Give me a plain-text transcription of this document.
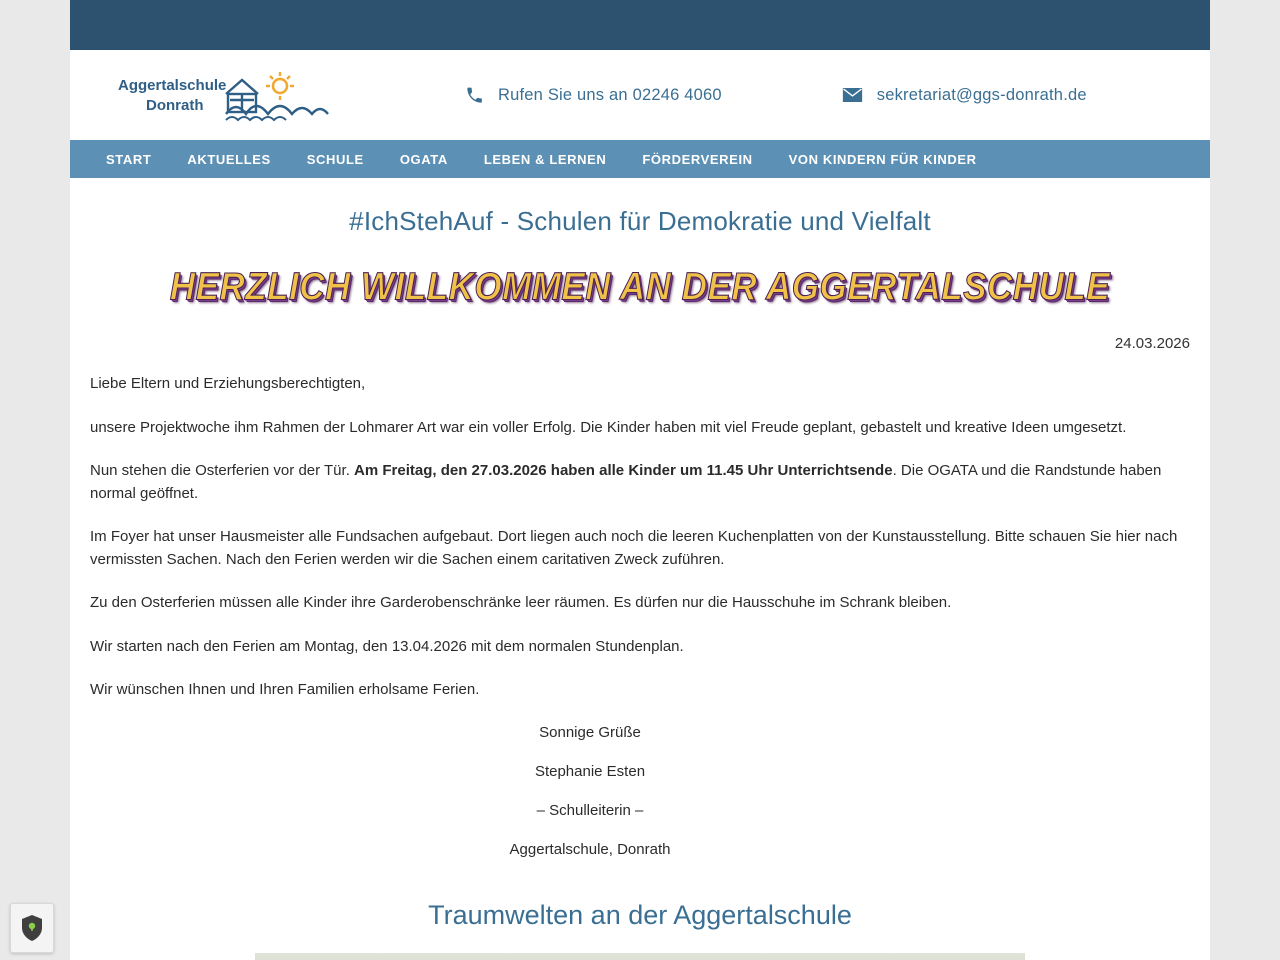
Aggertalschule
Donrath
Rufen Sie uns an 02246 4060	sekretariat@ggs-donrath.de
START	AKTUELLES	SCHULE	OGATA	LEBEN & LERNEN	FÖRDERVEREIN	VON KINDERN FÜR KINDER
#IchStehAuf - Schulen für Demokratie und Vielfalt
HERZLICH WILLKOMMEN AN DER AGGERTALSCHULE
24.03.2026

Liebe Eltern und Erziehungsberechtigten,

unsere Projektwoche ihm Rahmen der Lohmarer Art war ein voller Erfolg. Die Kinder haben mit viel Freude geplant, gebastelt und kreative Ideen umgesetzt.

Nun stehen die Osterferien vor der Tür. Am Freitag, den 27.03.2026 haben alle Kinder um 11.45 Uhr Unterrichtsende. Die OGATA und die Randstunde haben normal geöffnet.

Im Foyer hat unser Hausmeister alle Fundsachen aufgebaut. Dort liegen auch noch die leeren Kuchenplatten von der Kunstausstellung. Bitte schauen Sie hier nach vermissten Sachen. Nach den Ferien werden wir die Sachen einem caritativen Zweck zuführen.

Zu den Osterferien müssen alle Kinder ihre Garderobenschränke leer räumen. Es dürfen nur die Hausschuhe im Schrank bleiben.

Wir starten nach den Ferien am Montag, den 13.04.2026 mit dem normalen Stundenplan.

Wir wünschen Ihnen und Ihren Familien erholsame Ferien.

Sonnige Grüße

Stephanie Esten

– Schulleiterin –

Aggertalschule, Donrath

Traumwelten an der Aggertalschule
